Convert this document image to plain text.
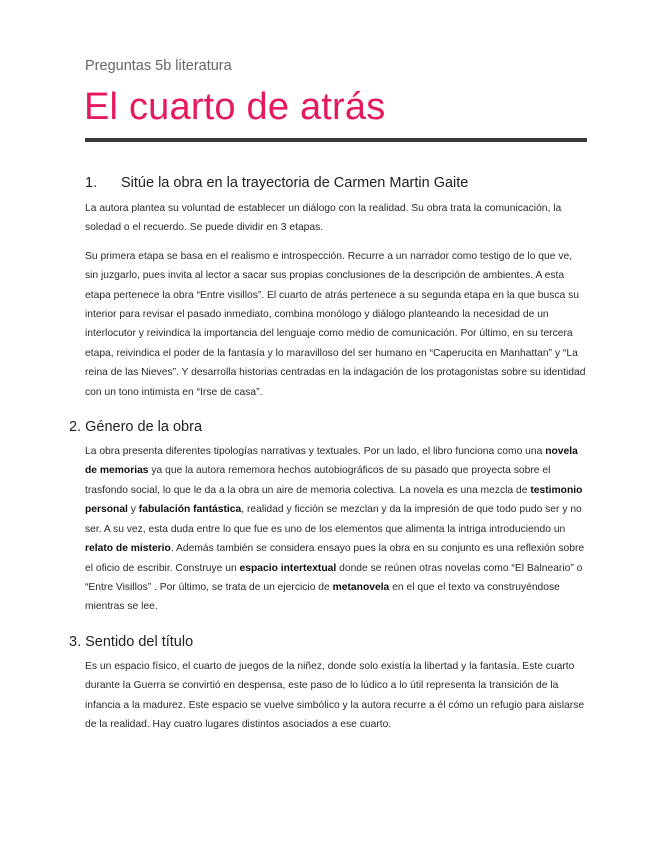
Preguntas 5b literatura
El cuarto de atrás
1. Sitúe la obra en la trayectoria de Carmen Martin Gaite

La autora plantea su voluntad de establecer un diálogo con la realidad. Su obra trata la comunicación, la soledad o el recuerdo. Se puede dividir en 3 etapas.

Su primera etapa se basa en el realismo e introspección. Recurre a un narrador como testigo de lo que ve, sin juzgarlo, pues invita al lector a sacar sus propias conclusiones de la descripción de ambientes. A esta etapa pertenece la obra “Entre visillos”. El cuarto de atrás pertenece a su segunda etapa en la que busca su interior para revisar el pasado inmediato, combina monólogo y diálogo planteando la necesidad de un interlocutor y reivindica la importancia del lenguaje como medio de comunicación. Por último, en su tercera etapa, reivindica el poder de la fantasía y lo maravilloso del ser humano en “Caperucita en Manhattan” y “La reina de las Nieves”. Y desarrolla historias centradas en la indagación de los protagonistas sobre su identidad con un tono intimista en “Irse de casa”.

2. Género de la obra

La obra presenta diferentes tipologías narrativas y textuales. Por un lado, el libro funciona como una novela de memorias ya que la autora rememora hechos autobiográficos de su pasado que proyecta sobre el trasfondo social, lo que le da a la obra un aire de memoria colectiva. La novela es una mezcla de testimonio personal y fabulación fantástica, realidad y ficción se mezclan y da la impresión de que todo pudo ser y no ser. A su vez, esta duda entre lo que fue es uno de los elementos que alimenta la intriga introduciendo un relato de misterio. Además también se considera ensayo pues la obra en su conjunto es una reflexión sobre el oficio de escribir. Construye un espacio intertextual donde se reúnen otras novelas como “El Balneario” o “Entre Visillos” . Por último, se trata de un ejercicio de metanovela en el que el texto va construyéndose mientras se lee.

3. Sentido del título

Es un espacio físico, el cuarto de juegos de la niñez, donde solo existía la libertad y la fantasía. Este cuarto durante la Guerra se convirtió en despensa, este paso de lo lúdico a lo útil representa la transición de la infancia a la madurez. Este espacio se vuelve simbólico y la autora recurre a él cómo un refugio para aislarse de la realidad. Hay cuatro lugares distintos asociados a ese cuarto.
